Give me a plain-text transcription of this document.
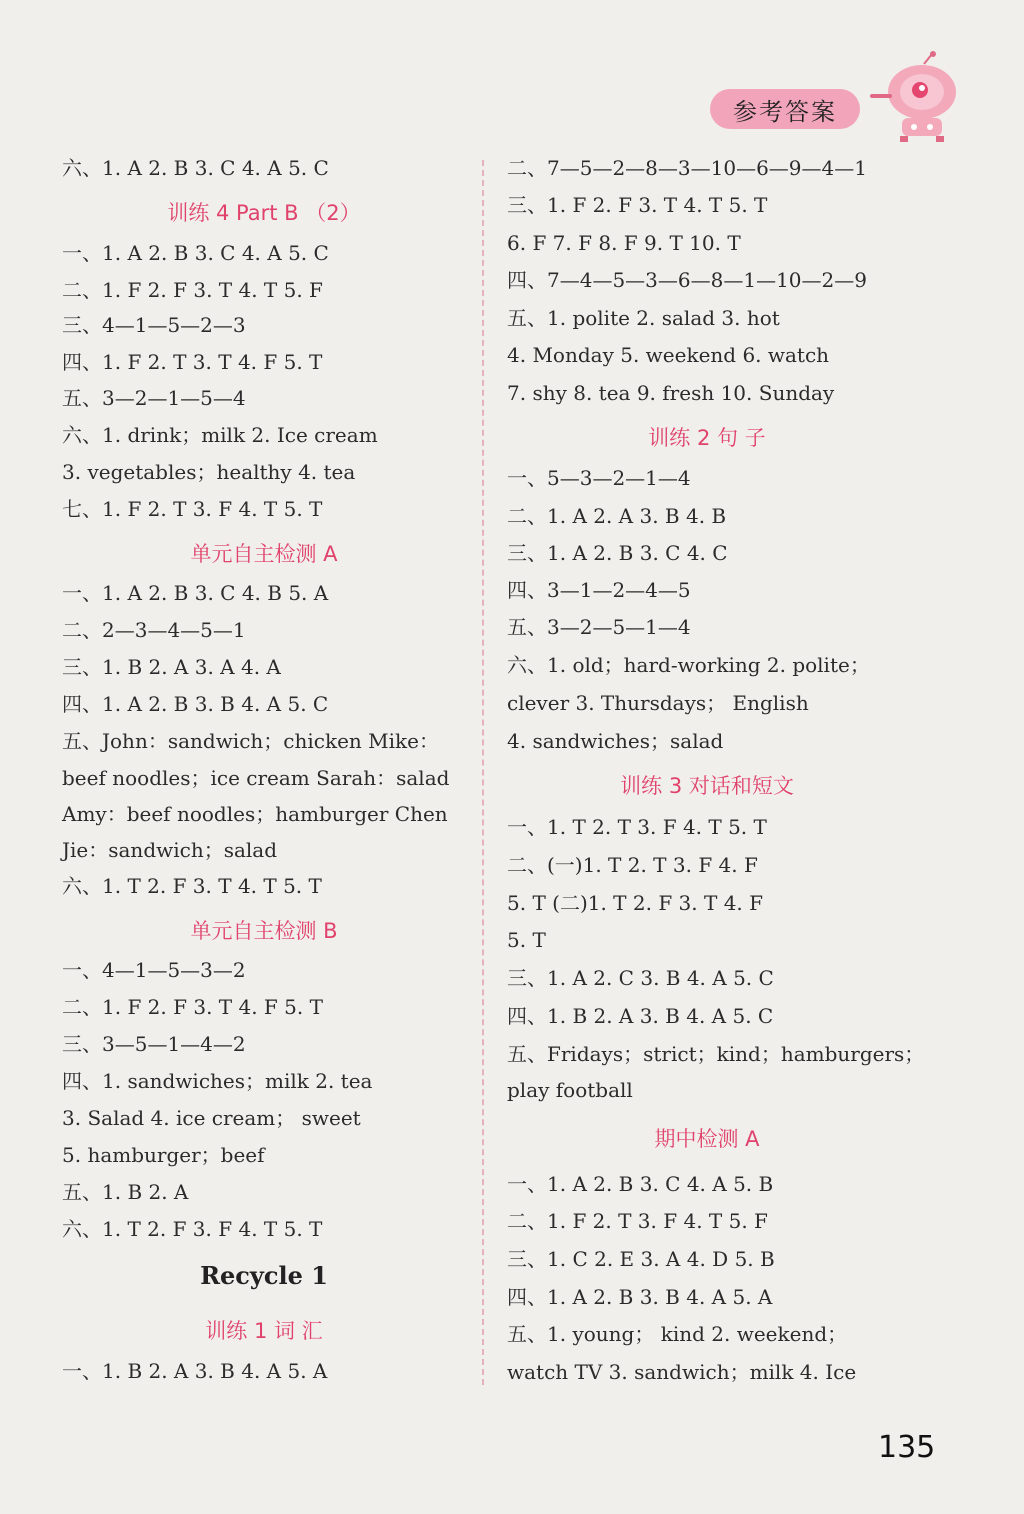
参考答案
六、1. A 2. B 3. C 4. A 5. C
训练 4 Part B （2）
一、1. A 2. B 3. C 4. A 5. C
二、1. F 2. F 3. T 4. T 5. F
三、4—1—5—2—3
四、1. F 2. T 3. T 4. F 5. T
五、3—2—1—5—4
六、1. drink；milk 2. Ice cream
3. vegetables；healthy 4. tea
七、1. F 2. T 3. F 4. T 5. T
单元自主检测 A
一、1. A 2. B 3. C 4. B 5. A
二、2—3—4—5—1
三、1. B 2. A 3. A 4. A
四、1. A 2. B 3. B 4. A 5. C
五、John：sandwich；chicken Mike：
beef noodles；ice cream Sarah：salad
Amy：beef noodles；hamburger Chen
Jie：sandwich；salad
六、1. T 2. F 3. T 4. T 5. T
单元自主检测 B
一、4—1—5—3—2
二、1. F 2. F 3. T 4. F 5. T
三、3—5—1—4—2
四、1. sandwiches；milk 2. tea
3. Salad 4. ice cream； sweet
5. hamburger；beef
五、1. B 2. A
六、1. T 2. F 3. F 4. T 5. T
Recycle 1
训练 1 词 汇
一、1. B 2. A 3. B 4. A 5. A
二、7—5—2—8—3—10—6—9—4—1
三、1. F 2. F 3. T 4. T 5. T
6. F 7. F 8. F 9. T 10. T
四、7—4—5—3—6—8—1—10—2—9
五、1. polite 2. salad 3. hot
4. Monday 5. weekend 6. watch
7. shy 8. tea 9. fresh 10. Sunday
训练 2 句 子
一、5—3—2—1—4
二、1. A 2. A 3. B 4. B
三、1. A 2. B 3. C 4. C
四、3—1—2—4—5
五、3—2—5—1—4
六、1. old；hard-working 2. polite；
clever 3. Thursdays； English
4. sandwiches；salad
训练 3 对话和短文
一、1. T 2. T 3. F 4. T 5. T
二、(一)1. T 2. T 3. F 4. F
5. T (二)1. T 2. F 3. T 4. F
5. T
三、1. A 2. C 3. B 4. A 5. C
四、1. B 2. A 3. B 4. A 5. C
五、Fridays；strict；kind；hamburgers；
play football
期中检测 A
一、1. A 2. B 3. C 4. A 5. B
二、1. F 2. T 3. F 4. T 5. F
三、1. C 2. E 3. A 4. D 5. B
四、1. A 2. B 3. B 4. A 5. A
五、1. young； kind 2. weekend；
watch TV 3. sandwich；milk 4. Ice
135
